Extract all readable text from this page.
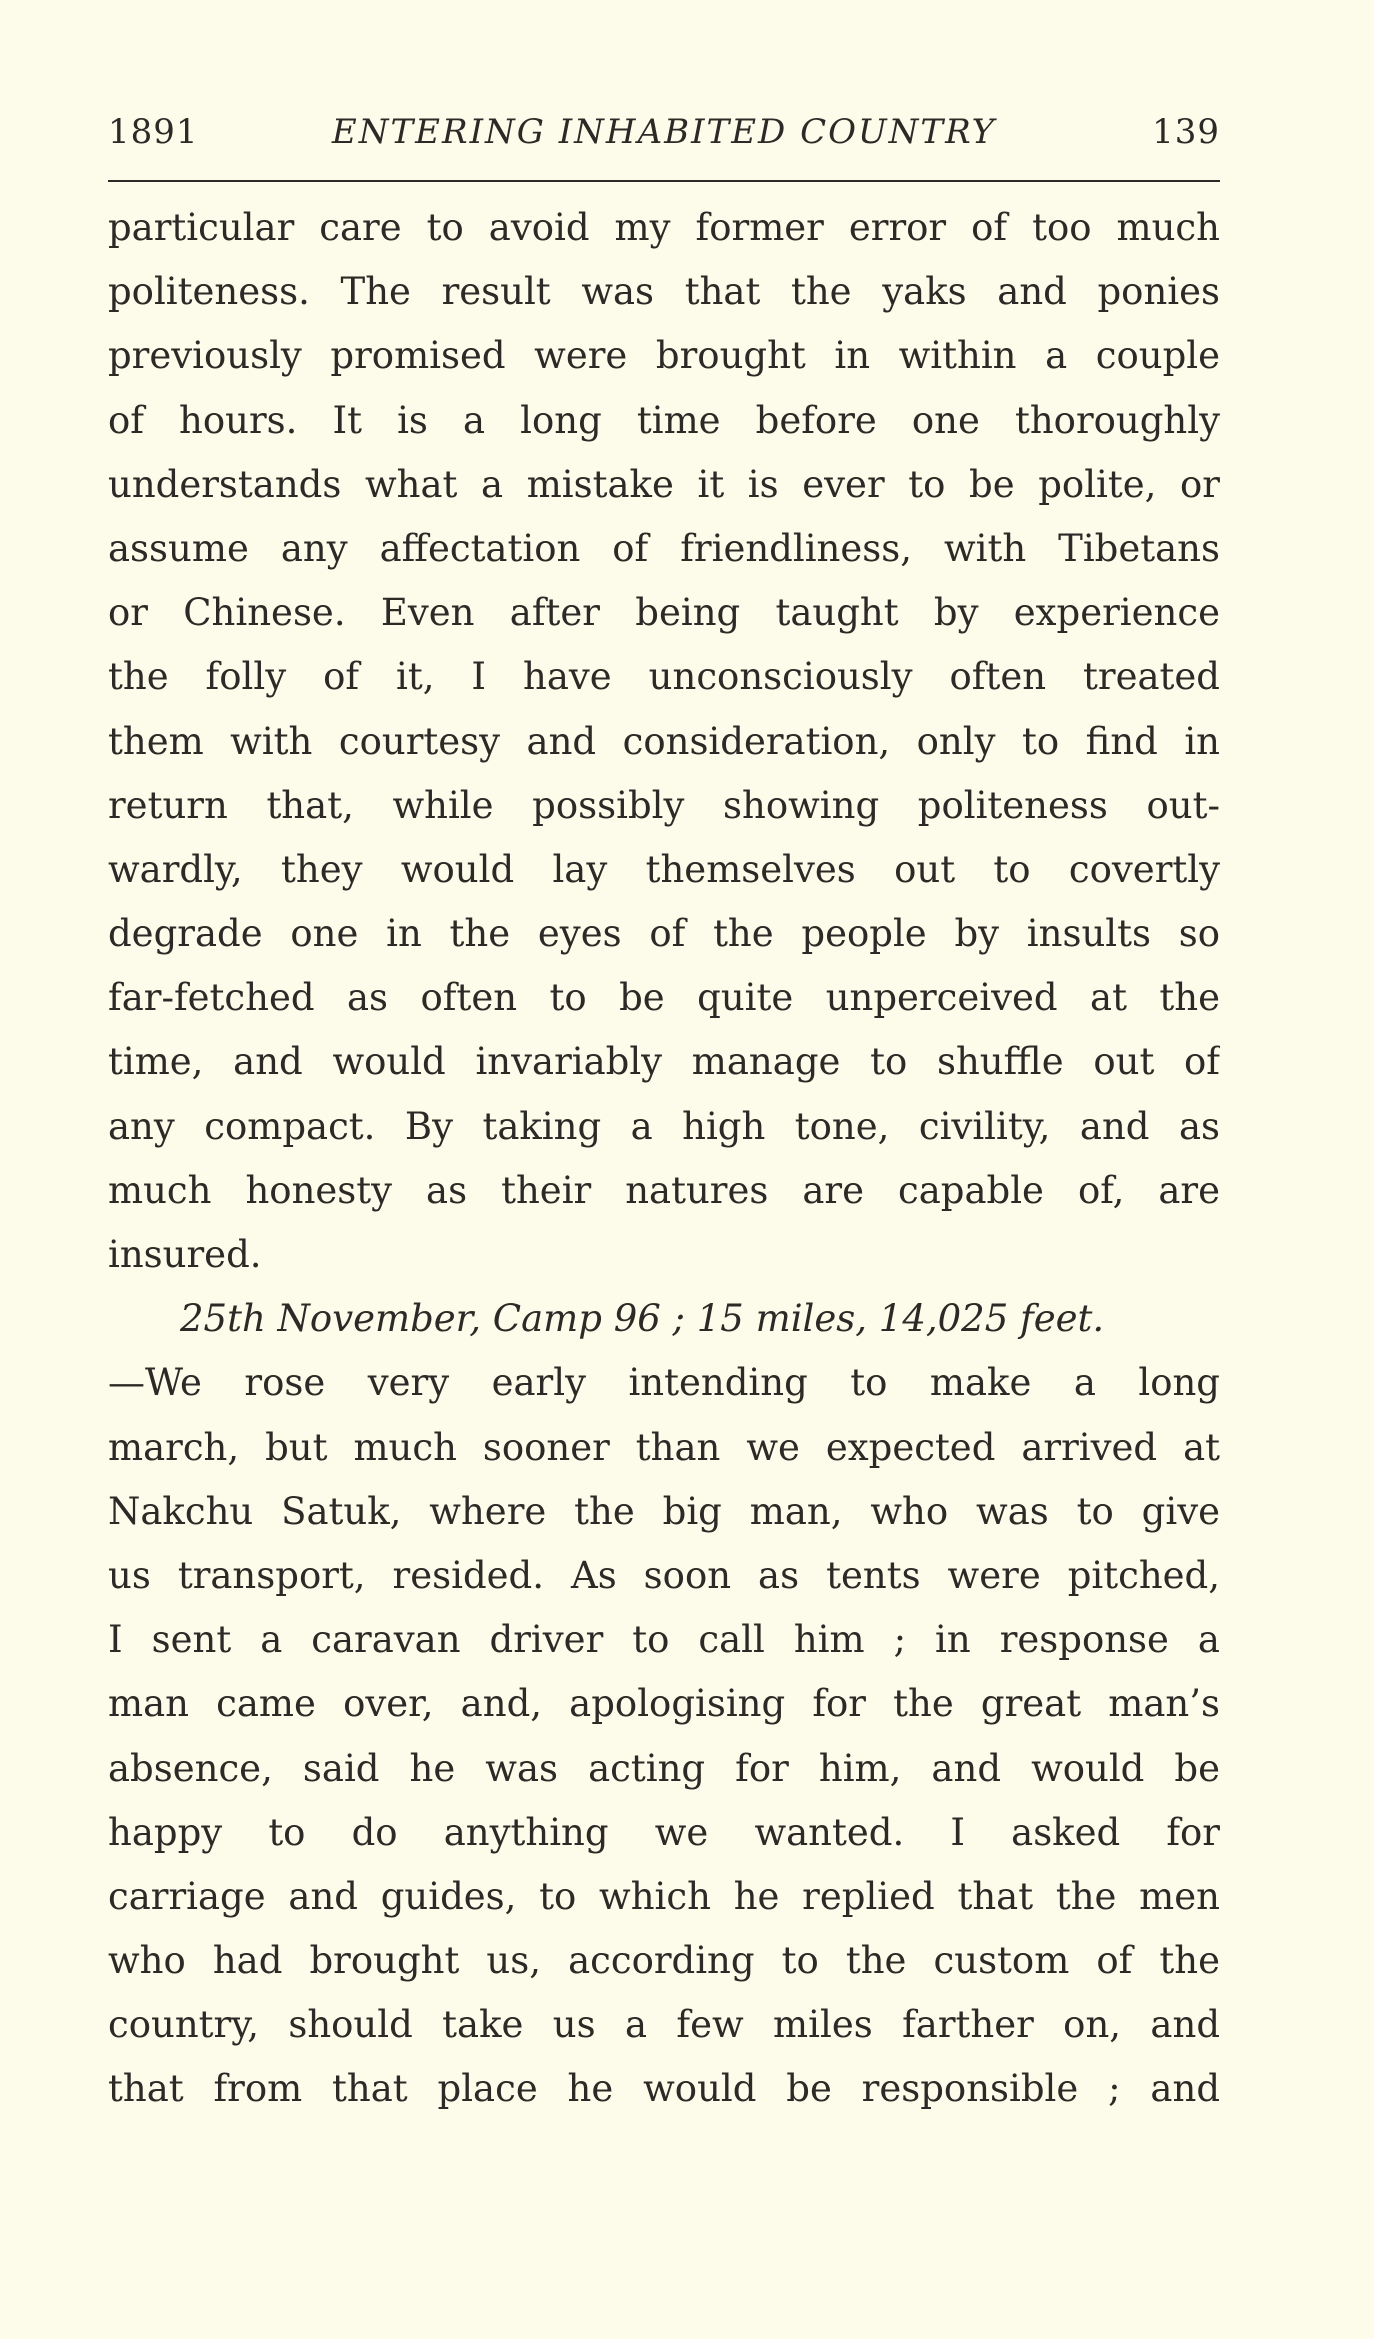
1891	ENTERING INHABITED COUNTRY	139
particular care to avoid my former error of too much
politeness. The result was that the yaks and ponies
previously promised were brought in within a couple
of hours. It is a long time before one thoroughly
understands what a mistake it is ever to be polite, or
assume any affectation of friendliness, with Tibetans
or Chinese. Even after being taught by experience
the folly of it, I have unconsciously often treated
them with courtesy and consideration, only to find in
return that, while possibly showing politeness out-
wardly, they would lay themselves out to covertly
degrade one in the eyes of the people by insults so
far-fetched as often to be quite unperceived at the
time, and would invariably manage to shuffle out of
any compact. By taking a high tone, civility, and as
much honesty as their natures are capable of, are
insured.
25th November, Camp 96 ; 15 miles, 14,025 feet.
—We rose very early intending to make a long
march, but much sooner than we expected arrived at
Nakchu Satuk, where the big man, who was to give
us transport, resided. As soon as tents were pitched,
I sent a caravan driver to call him ; in response a
man came over, and, apologising for the great man’s
absence, said he was acting for him, and would be
happy to do anything we wanted. I asked for
carriage and guides, to which he replied that the men
who had brought us, according to the custom of the
country, should take us a few miles farther on, and
that from that place he would be responsible ; and
